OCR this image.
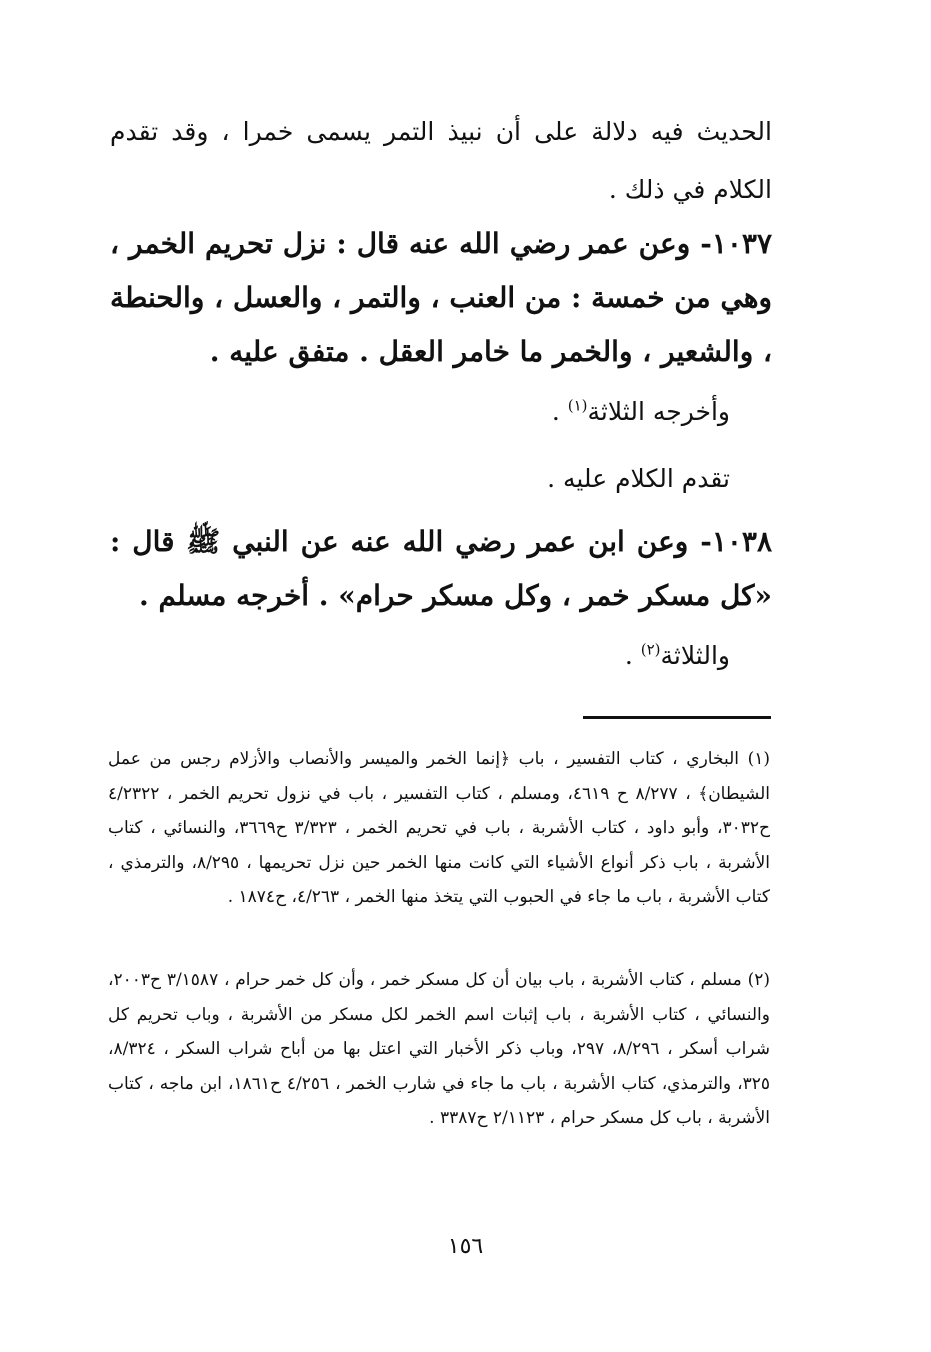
الحديث فيه دلالة على أن نبيذ التمر يسمى خمرا ، وقد تقدم الكلام في ذلك .
١٠٣٧- وعن عمر رضي الله عنه قال : نزل تحريم الخمر ، وهي من خمسة : من العنب ، والتمر ، والعسل ، والحنطة ، والشعير ، والخمر ما خامر العقل . متفق عليه .
وأخرجه الثلاثة$^{(١)}$ .
تقدم الكلام عليه .
١٠٣٨- وعن ابن عمر رضي الله عنه عن النبي ﷺ قال : «كل مسكر خمر ، وكل مسكر حرام» . أخرجه مسلم .
والثلاثة$^{(٢)}$ .
(١) البخاري ، كتاب التفسير ، باب ﴿إنما الخمر والميسر والأنصاب والأزلام رجس من عمل الشيطان﴾ ، ٨/٢٧٧ ح ٤٦١٩، ومسلم ، كتاب التفسير ، باب في نزول تحريم الخمر ، ٤/٢٣٢٢ ح٣٠٣٢، وأبو داود ، كتاب الأشربة ، باب في تحريم الخمر ، ٣/٣٢٣ ح٣٦٦٩، والنسائي ، كتاب الأشربة ، باب ذكر أنواع الأشياء التي كانت منها الخمر حين نزل تحريمها ، ٨/٢٩٥، والترمذي ، كتاب الأشربة ، باب ما جاء في الحبوب التي يتخذ منها الخمر ، ٤/٢٦٣، ح١٨٧٤ .
(٢) مسلم ، كتاب الأشربة ، باب بيان أن كل مسكر خمر ، وأن كل خمر حرام ، ٣/١٥٨٧ ح٢٠٠٣، والنسائي ، كتاب الأشربة ، باب إثبات اسم الخمر لكل مسكر من الأشربة ، وباب تحريم كل شراب أسكر ، ٨/٢٩٦، ٢٩٧، وباب ذكر الأخبار التي اعتل بها من أباح شراب السكر ، ٨/٣٢٤، ٣٢٥، والترمذي، كتاب الأشربة ، باب ما جاء في شارب الخمر ، ٤/٢٥٦ ح١٨٦١، ابن ماجه ، كتاب الأشربة ، باب كل مسكر حرام ، ٢/١١٢٣ ح٣٣٨٧ .
١٥٦
